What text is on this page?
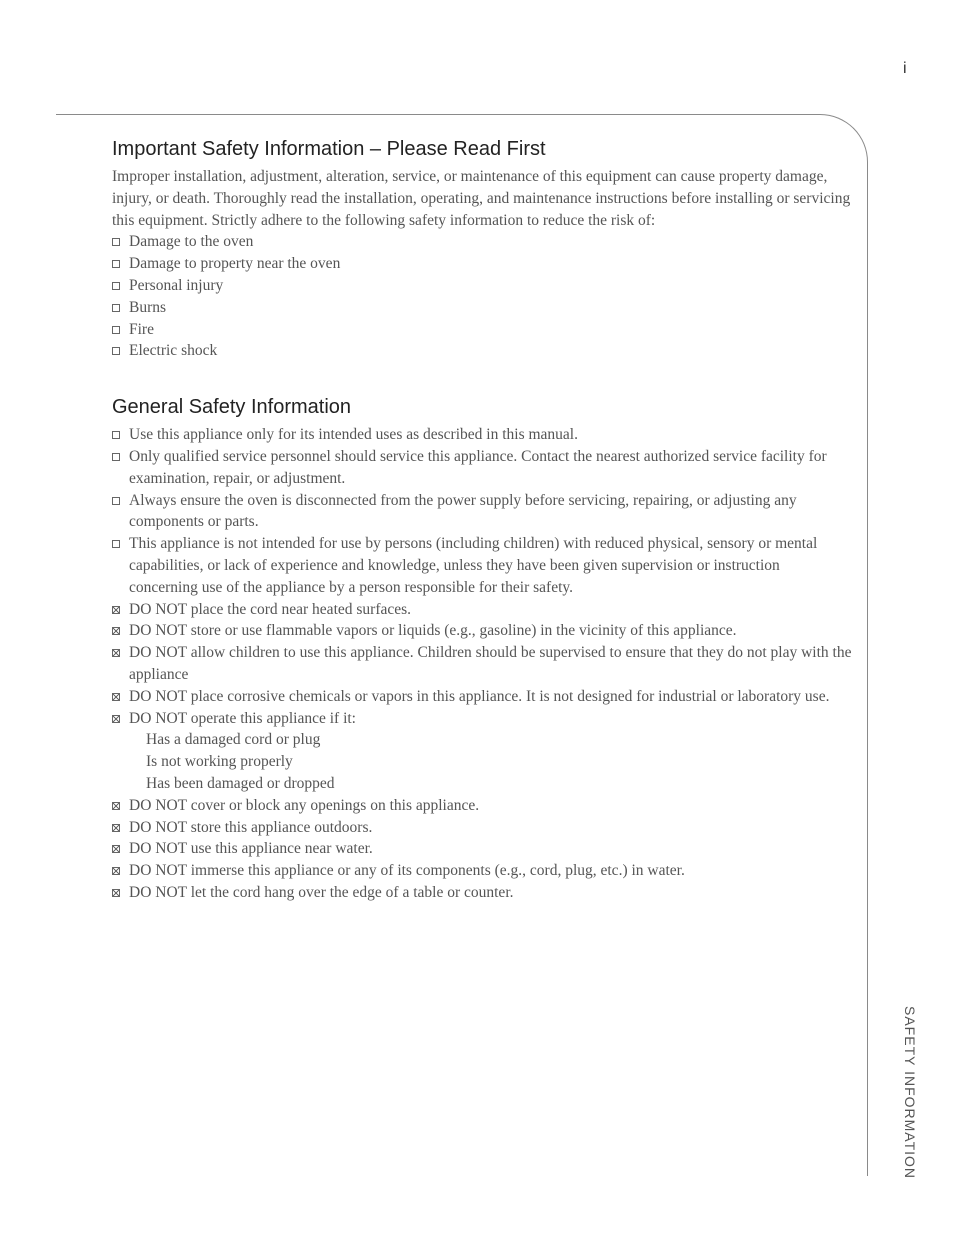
i
SAFETY INFORMATION
Important Safety Information – Please Read First

Improper installation, adjustment, alteration, service, or maintenance of this equipment can cause property damage, injury, or death. Thoroughly read the installation, operating, and maintenance instructions before installing or servicing this equipment. Strictly adhere to the following safety information to reduce the risk of:

Damage to the oven
Damage to property near the oven
Personal injury
Burns
Fire
Electric shock
General Safety Information
Use this appliance only for its intended uses as described in this manual.
Only qualified service personnel should service this appliance. Contact the nearest authorized service facility for examination, repair, or adjustment.
Always ensure the oven is disconnected from the power supply before servicing, repairing, or adjusting any components or parts.
This appliance is not intended for use by persons (including children) with reduced physical, sensory or mental capabilities, or lack of experience and knowledge, unless they have been given supervision or instruction concerning use of the appliance by a person responsible for their safety.
DO NOT place the cord near heated surfaces.
DO NOT store or use flammable vapors or liquids (e.g., gasoline) in the vicinity of this appliance.
DO NOT allow children to use this appliance. Children should be supervised to ensure that they do not play with the appliance
DO NOT place corrosive chemicals or vapors in this appliance. It is not designed for industrial or laboratory use.
DO NOT operate this appliance if it:
Has a damaged cord or plug
Is not working properly
Has been damaged or dropped
DO NOT cover or block any openings on this appliance.
DO NOT store this appliance outdoors.
DO NOT use this appliance near water.
DO NOT immerse this appliance or any of its components (e.g., cord, plug, etc.) in water.
DO NOT let the cord hang over the edge of a table or counter.
